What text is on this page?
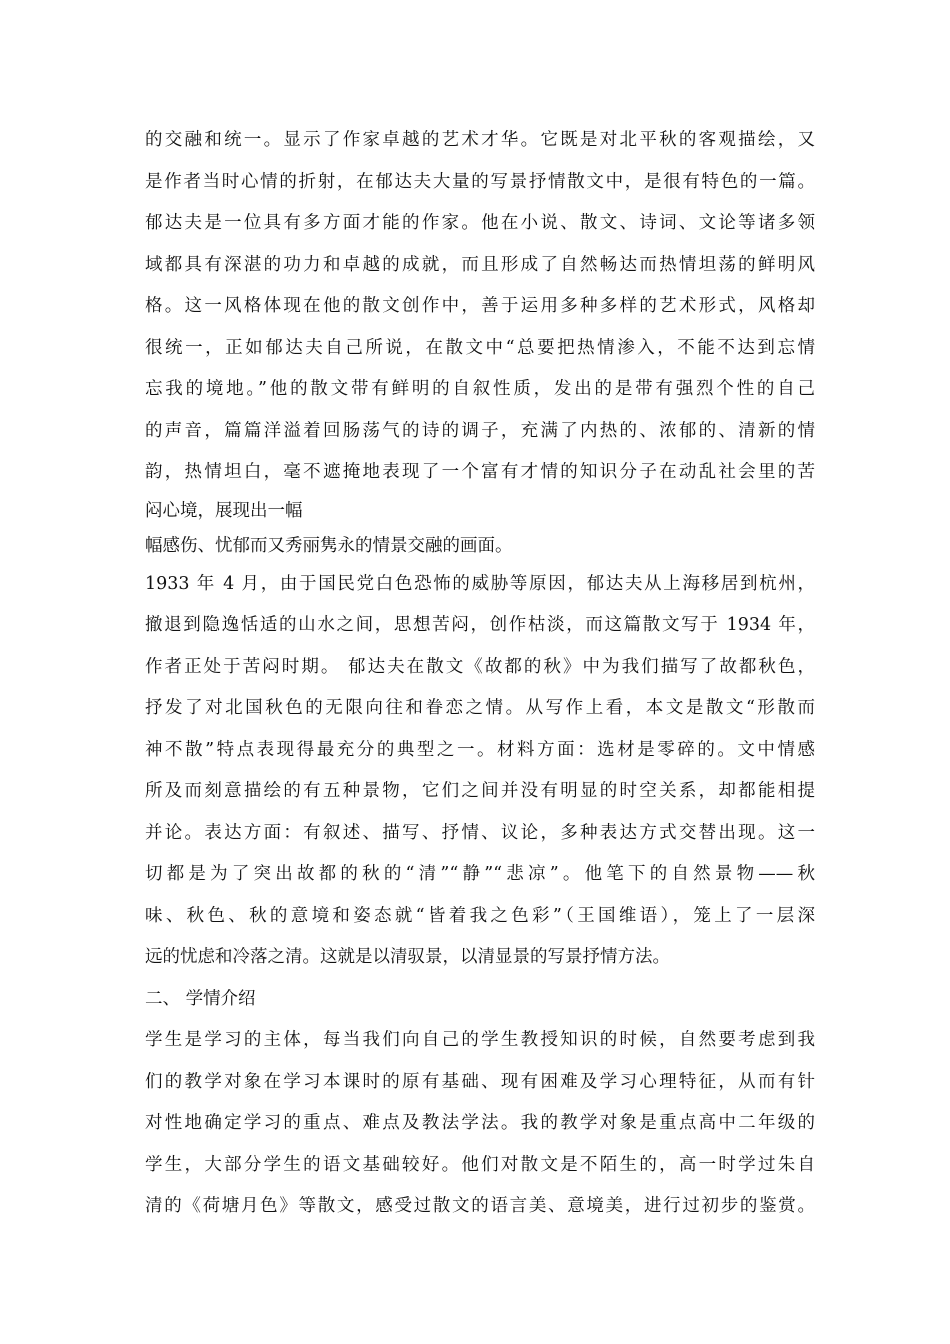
的交融和统一。显示了作家卓越的艺术才华。它既是对北平秋的客观描绘，又
是作者当时心情的折射，在郁达夫大量的写景抒情散文中，是很有特色的一篇。
郁达夫是一位具有多方面才能的作家。他在小说、散文、诗词、文论等诸多领
域都具有深湛的功力和卓越的成就，而且形成了自然畅达而热情坦荡的鲜明风
格。这一风格体现在他的散文创作中，善于运用多种多样的艺术形式，风格却
很统一，正如郁达夫自己所说，在散文中“总要把热情渗入，不能不达到忘情
忘我的境地。”他的散文带有鲜明的自叙性质，发出的是带有强烈个性的自己
的声音，篇篇洋溢着回肠荡气的诗的调子，充满了内热的、浓郁的、清新的情
韵，热情坦白，毫不遮掩地表现了一个富有才情的知识分子在动乱社会里的苦
闷心境，展现出一幅
幅感伤、忧郁而又秀丽隽永的情景交融的画面。
1933 年 4 月，由于国民党白色恐怖的威胁等原因，郁达夫从上海移居到杭州，
撤退到隐逸恬适的山水之间，思想苦闷，创作枯淡，而这篇散文写于 1934 年，
作者正处于苦闷时期。 郁达夫在散文《故都的秋》中为我们描写了故都秋色，
抒发了对北国秋色的无限向往和眷恋之情。从写作上看，本文是散文“形散而
神不散”特点表现得最充分的典型之一。材料方面：选材是零碎的。文中情感
所及而刻意描绘的有五种景物，它们之间并没有明显的时空关系，却都能相提
并论。表达方面：有叙述、描写、抒情、议论，多种表达方式交替出现。这一
切都是为了突出故都的秋的“清”“静”“悲凉”。他笔下的自然景物——秋
味、秋色、秋的意境和姿态就“皆着我之色彩”（王国维语），笼上了一层深
远的忧虑和冷落之清。这就是以清驭景，以清显景的写景抒情方法。
二、 学情介绍
学生是学习的主体，每当我们向自己的学生教授知识的时候，自然要考虑到我
们的教学对象在学习本课时的原有基础、现有困难及学习心理特征，从而有针
对性地确定学习的重点、难点及教法学法。我的教学对象是重点高中二年级的
学生，大部分学生的语文基础较好。他们对散文是不陌生的，高一时学过朱自
清的《荷塘月色》等散文，感受过散文的语言美、意境美，进行过初步的鉴赏。
